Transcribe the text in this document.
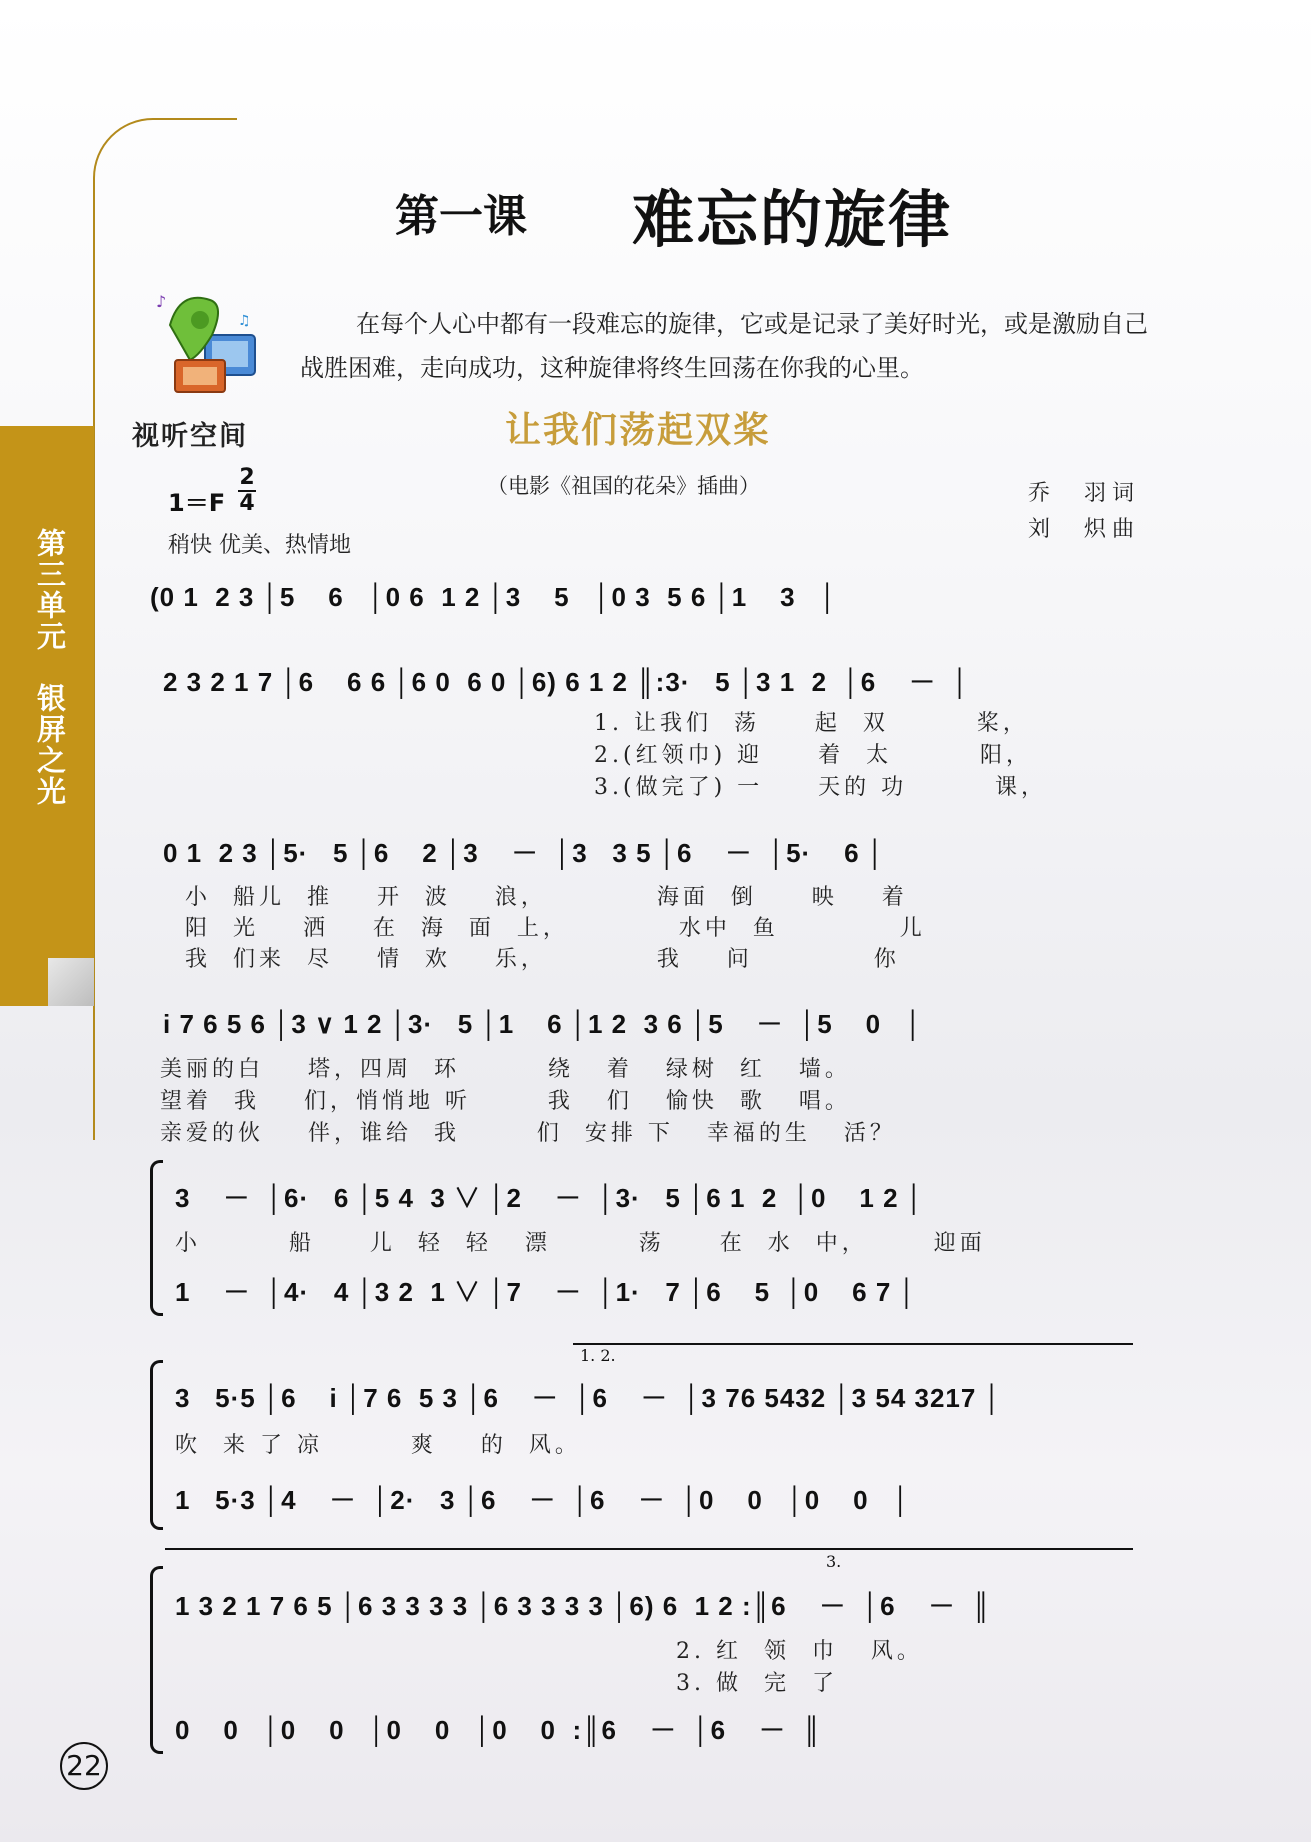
第三单元　银屏之光
第一课 难忘的旋律
♪
♫	在每个人心中都有一段难忘的旋律，它或是记录了美好时光，或是激励自己战胜困难，走向成功，这种旋律将终生回荡在你我的心里。
视听空间	让我们荡起双桨
（电影《祖国的花朵》插曲）	乔　羽词
刘　炽曲
1＝F
2
4
稍快 优美、热情地
(0 1  2 3 │5    6   │0 6  1 2 │3    5   │0 3  5 6 │1    3   │
2 3 2 1 7 │6    6 6 │6 0  6 0 │6) 6 1 2 ║:3·   5 │3 1  2  │6    －  │
1. 让我们  荡     起  双        桨，
2.(红领巾) 迎     着  太        阳，
3.(做完了) 一     天的 功        课，
0 1  2 3 │5·   5 │6    2 │3    －  │3   3 5 │6    －  │5·    6 │
小  船儿  推    开  波    浪，          海面  倒     映    着
阳  光    洒    在  海  面  上，          水中  鱼           儿
我  们来  尽    情  欢    乐，          我    问           你
i 7 6 5 6 │3 ∨ 1 2 │3·   5 │1    6 │1 2  3 6 │5    －  │5    0   │
美丽的白    塔，四周  环        绕   着   绿树  红   墙。
望着  我    们，悄悄地 听       我   们   愉快  歌   唱。
亲爱的伙    伴，谁给  我       们  安排 下   幸福的生   活？
3    －  │6·   6 │5 4  3 ∨ │2    －  │3·   5 │6 1  2  │0    1 2 │
小        船     儿  轻  轻   漂        荡     在  水  中，      迎面
1    －  │4·   4 │3 2  1 ∨ │7    －  │1·   7 │6    5  │0    6 7 │
1. 2.
3   5·5 │6    i │7 6  5 3 │6    －  │6    －  │3 76 5432 │3 54 3217 │
吹  来 了 凉        爽    的  风。
1   5·3 │4    －  │2·   3 │6    －  │6    －  │0    0   │0    0   │
3.
1 3 2 1 7 6 5 │6 3 3 3 3 │6 3 3 3 3 │6) 6  1 2 :║6    －  │6    －  ║
2. 红  领  巾   风。
3. 做  完  了
0    0   │0    0   │0    0   │0    0  :║6    －  │6    －  ║
22
